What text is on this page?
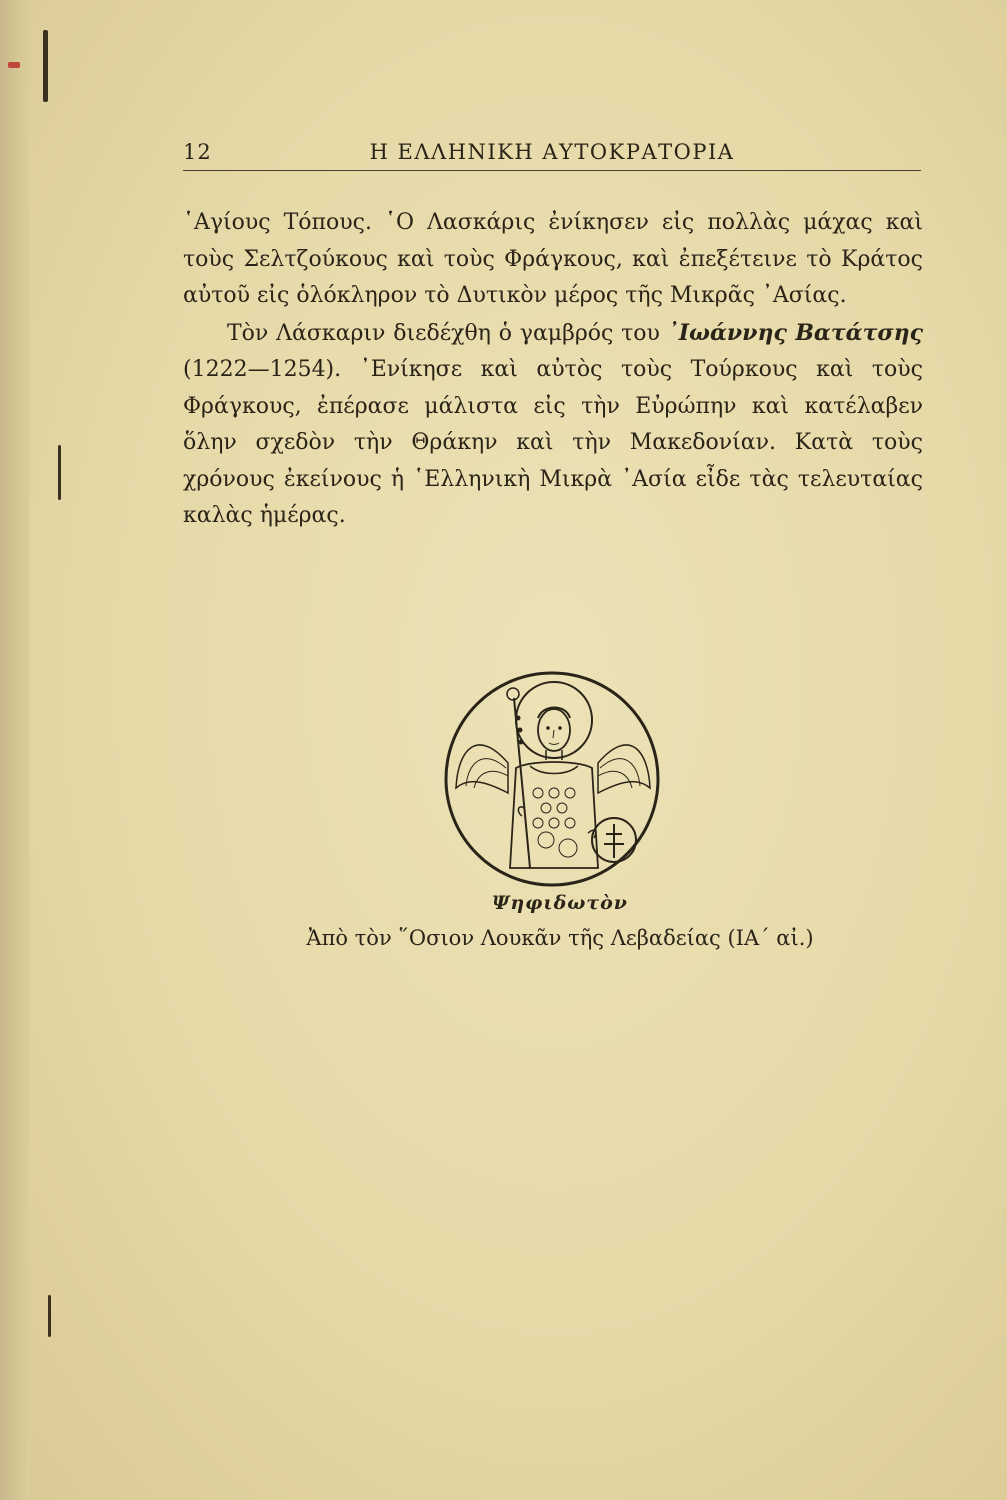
12	Η ΕΛΛΗΝΙΚΗ ΑΥΤΟΚΡΑΤΟΡΙΑ

῾Αγίους Τόπους. ῾Ο Λασκάρις ἐνίκησεν εἰς πολλὰς μάχας καὶ τοὺς Σελτζούκους καὶ τοὺς Φράγκους, καὶ ἐπεξέτεινε τὸ Κράτος αὐτοῦ εἰς ὁλόκληρον τὸ Δυτικὸν μέρος τῆς Μικρᾶς ᾿Ασίας.

Τὸν Λάσκαριν διεδέχθη ὁ γαμβρός του ᾿Ιωάννης Βατάτσης (1222—1254). ᾿Ενίκησε καὶ αὐτὸς τοὺς Τούρκους καὶ τοὺς Φράγκους, ἐπέρασε μάλιστα εἰς τὴν Εὐρώπην καὶ κατέλαβεν ὅλην σχεδὸν τὴν Θράκην καὶ τὴν Μακεδονίαν. Κατὰ τοὺς χρόνους ἐκείνους ἡ ῾Ελληνικὴ Μικρὰ ᾿Ασία εἶδε τὰς τελευταίας καλὰς ἡμέρας.

Ψηφιδωτὸν
Ἀπὸ τὸν ῞Οσιον Λουκᾶν τῆς Λεβαδείας (ΙΑ΄ αἰ.)
